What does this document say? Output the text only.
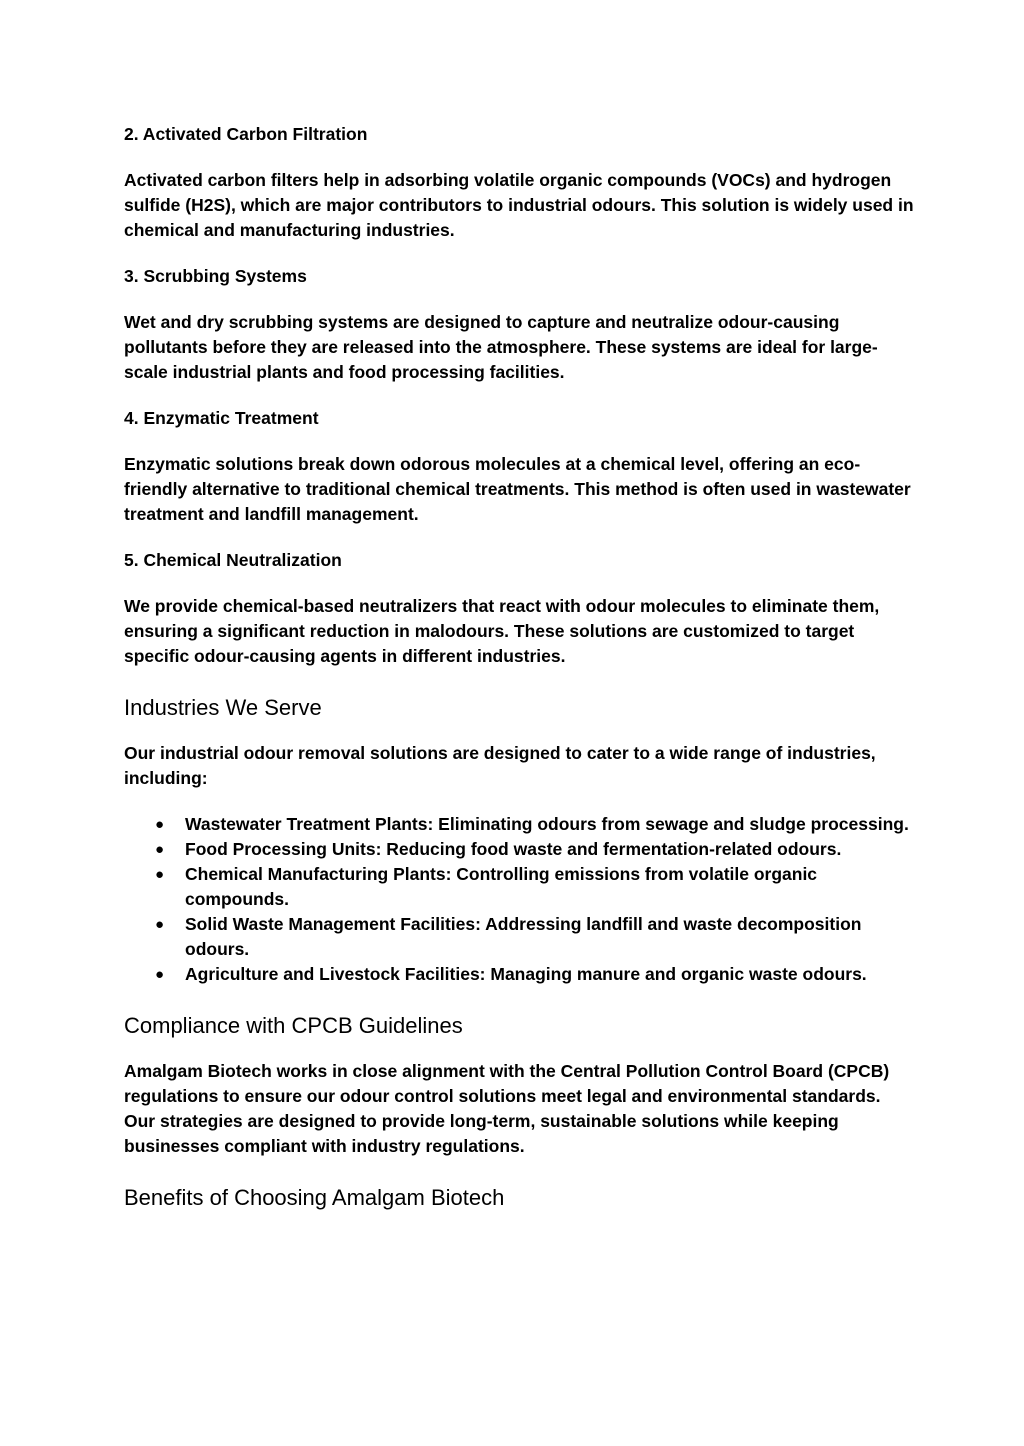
2. Activated Carbon Filtration

Activated carbon filters help in adsorbing volatile organic compounds (VOCs) and hydrogen sulfide (H2S), which are major contributors to industrial odours. This solution is widely used in chemical and manufacturing industries.

3. Scrubbing Systems

Wet and dry scrubbing systems are designed to capture and neutralize odour-causing pollutants before they are released into the atmosphere. These systems are ideal for large-scale industrial plants and food processing facilities.

4. Enzymatic Treatment

Enzymatic solutions break down odorous molecules at a chemical level, offering an eco-friendly alternative to traditional chemical treatments. This method is often used in wastewater treatment and landfill management.

5. Chemical Neutralization

We provide chemical-based neutralizers that react with odour molecules to eliminate them, ensuring a significant reduction in malodours. These solutions are customized to target specific odour-causing agents in different industries.

Industries We Serve

Our industrial odour removal solutions are designed to cater to a wide range of industries, including:

● Wastewater Treatment Plants: Eliminating odours from sewage and sludge processing.
● Food Processing Units: Reducing food waste and fermentation-related odours.
● Chemical Manufacturing Plants: Controlling emissions from volatile organic compounds.
● Solid Waste Management Facilities: Addressing landfill and waste decomposition odours.
● Agriculture and Livestock Facilities: Managing manure and organic waste odours.
Compliance with CPCB Guidelines

Amalgam Biotech works in close alignment with the Central Pollution Control Board (CPCB) regulations to ensure our odour control solutions meet legal and environmental standards. Our strategies are designed to provide long-term, sustainable solutions while keeping businesses compliant with industry regulations.

Benefits of Choosing Amalgam Biotech
